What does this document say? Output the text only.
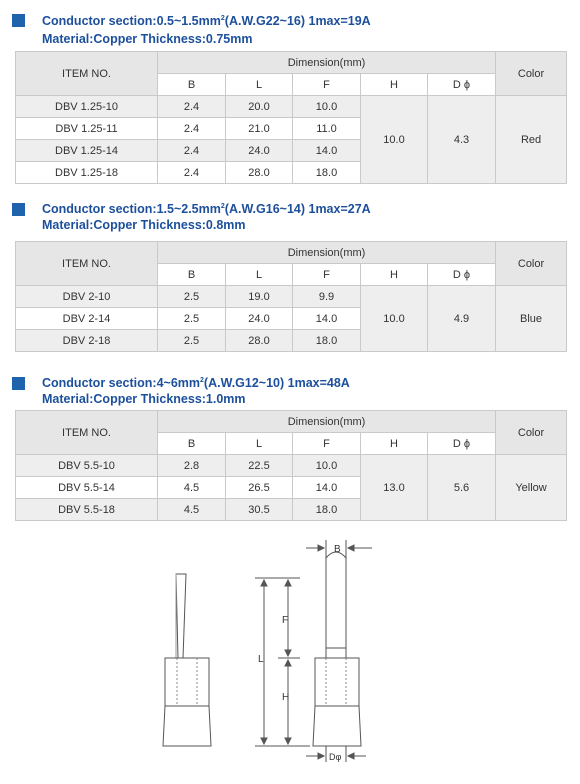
Conductor $section:0.5\sim 1.5mm^2(A.W.G22\sim 16)$ 1max=19A
Material:Copper Thickness:0.75mm
ITEM NO.	Dimension(mm)					Color
	B	L	F	H	D ϕ	
DBV 1.25-10	2.4	20.0	10.0	10.0	4.3	Red
DBV 1.25-11	2.4	21.0	11.0			
DBV 1.25-14	2.4	24.0	14.0			
DBV 1.25-18	2.4	28.0	18.0			
Conductor $section:1.5\sim 2.5mm^2(A.W.G16\sim 14)$ 1max=27A
Material:Copper Thickness:0.8mm
ITEM NO.	Dimension(mm)					Color
	B	L	F	H	D ϕ	
DBV 2-10	2.5	19.0	9.9	10.0	4.9	Blue
DBV 2-14	2.5	24.0	14.0			
DBV 2-18	2.5	28.0	18.0			
Conductor $section:4\sim 6mm^2(A.W.G12\sim 10)$ 1max=48A
Material:Copper Thickness:1.0mm
ITEM NO.	Dimension(mm)					Color
	B	L	F	H	D ϕ	
DBV 5.5-10	2.8	22.5	10.0	13.0	5.6	Yellow
DBV 5.5-14	4.5	26.5	14.0			
DBV 5.5-18	4.5	30.5	18.0			
B
F
L
H
Dφ
